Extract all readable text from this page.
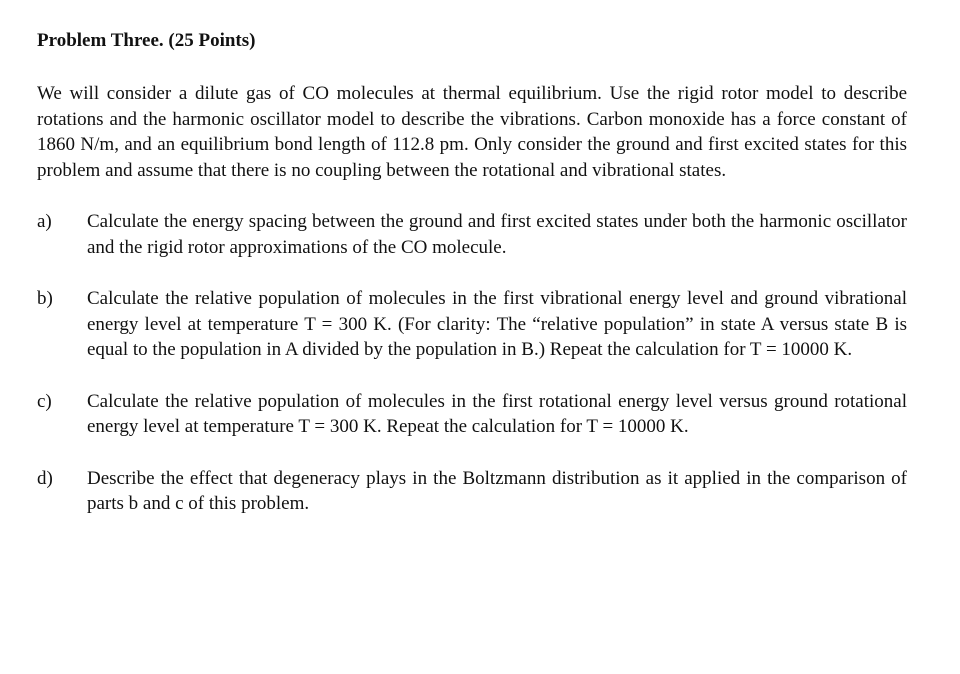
Problem Three. (25 Points)

We will consider a dilute gas of CO molecules at thermal equilibrium. Use the rigid rotor model to describe rotations and the harmonic oscillator model to describe the vibrations. Carbon monoxide has a force constant of 1860 N/m, and an equilibrium bond length of 112.8 pm. Only consider the ground and first excited states for this problem and assume that there is no coupling between the rotational and vibrational states.

a)	Calculate the energy spacing between the ground and first excited states under both the harmonic oscillator and the rigid rotor approximations of the CO molecule.
b)	Calculate the relative population of molecules in the first vibrational energy level and ground vibrational energy level at temperature T = 300 K. (For clarity: The “relative population” in state A versus state B is equal to the population in A divided by the population in B.) Repeat the calculation for T = 10000 K.
c)	Calculate the relative population of molecules in the first rotational energy level versus ground rotational energy level at temperature T = 300 K. Repeat the calculation for T = 10000 K.
d)	Describe the effect that degeneracy plays in the Boltzmann distribution as it applied in the comparison of parts b and c of this problem.
